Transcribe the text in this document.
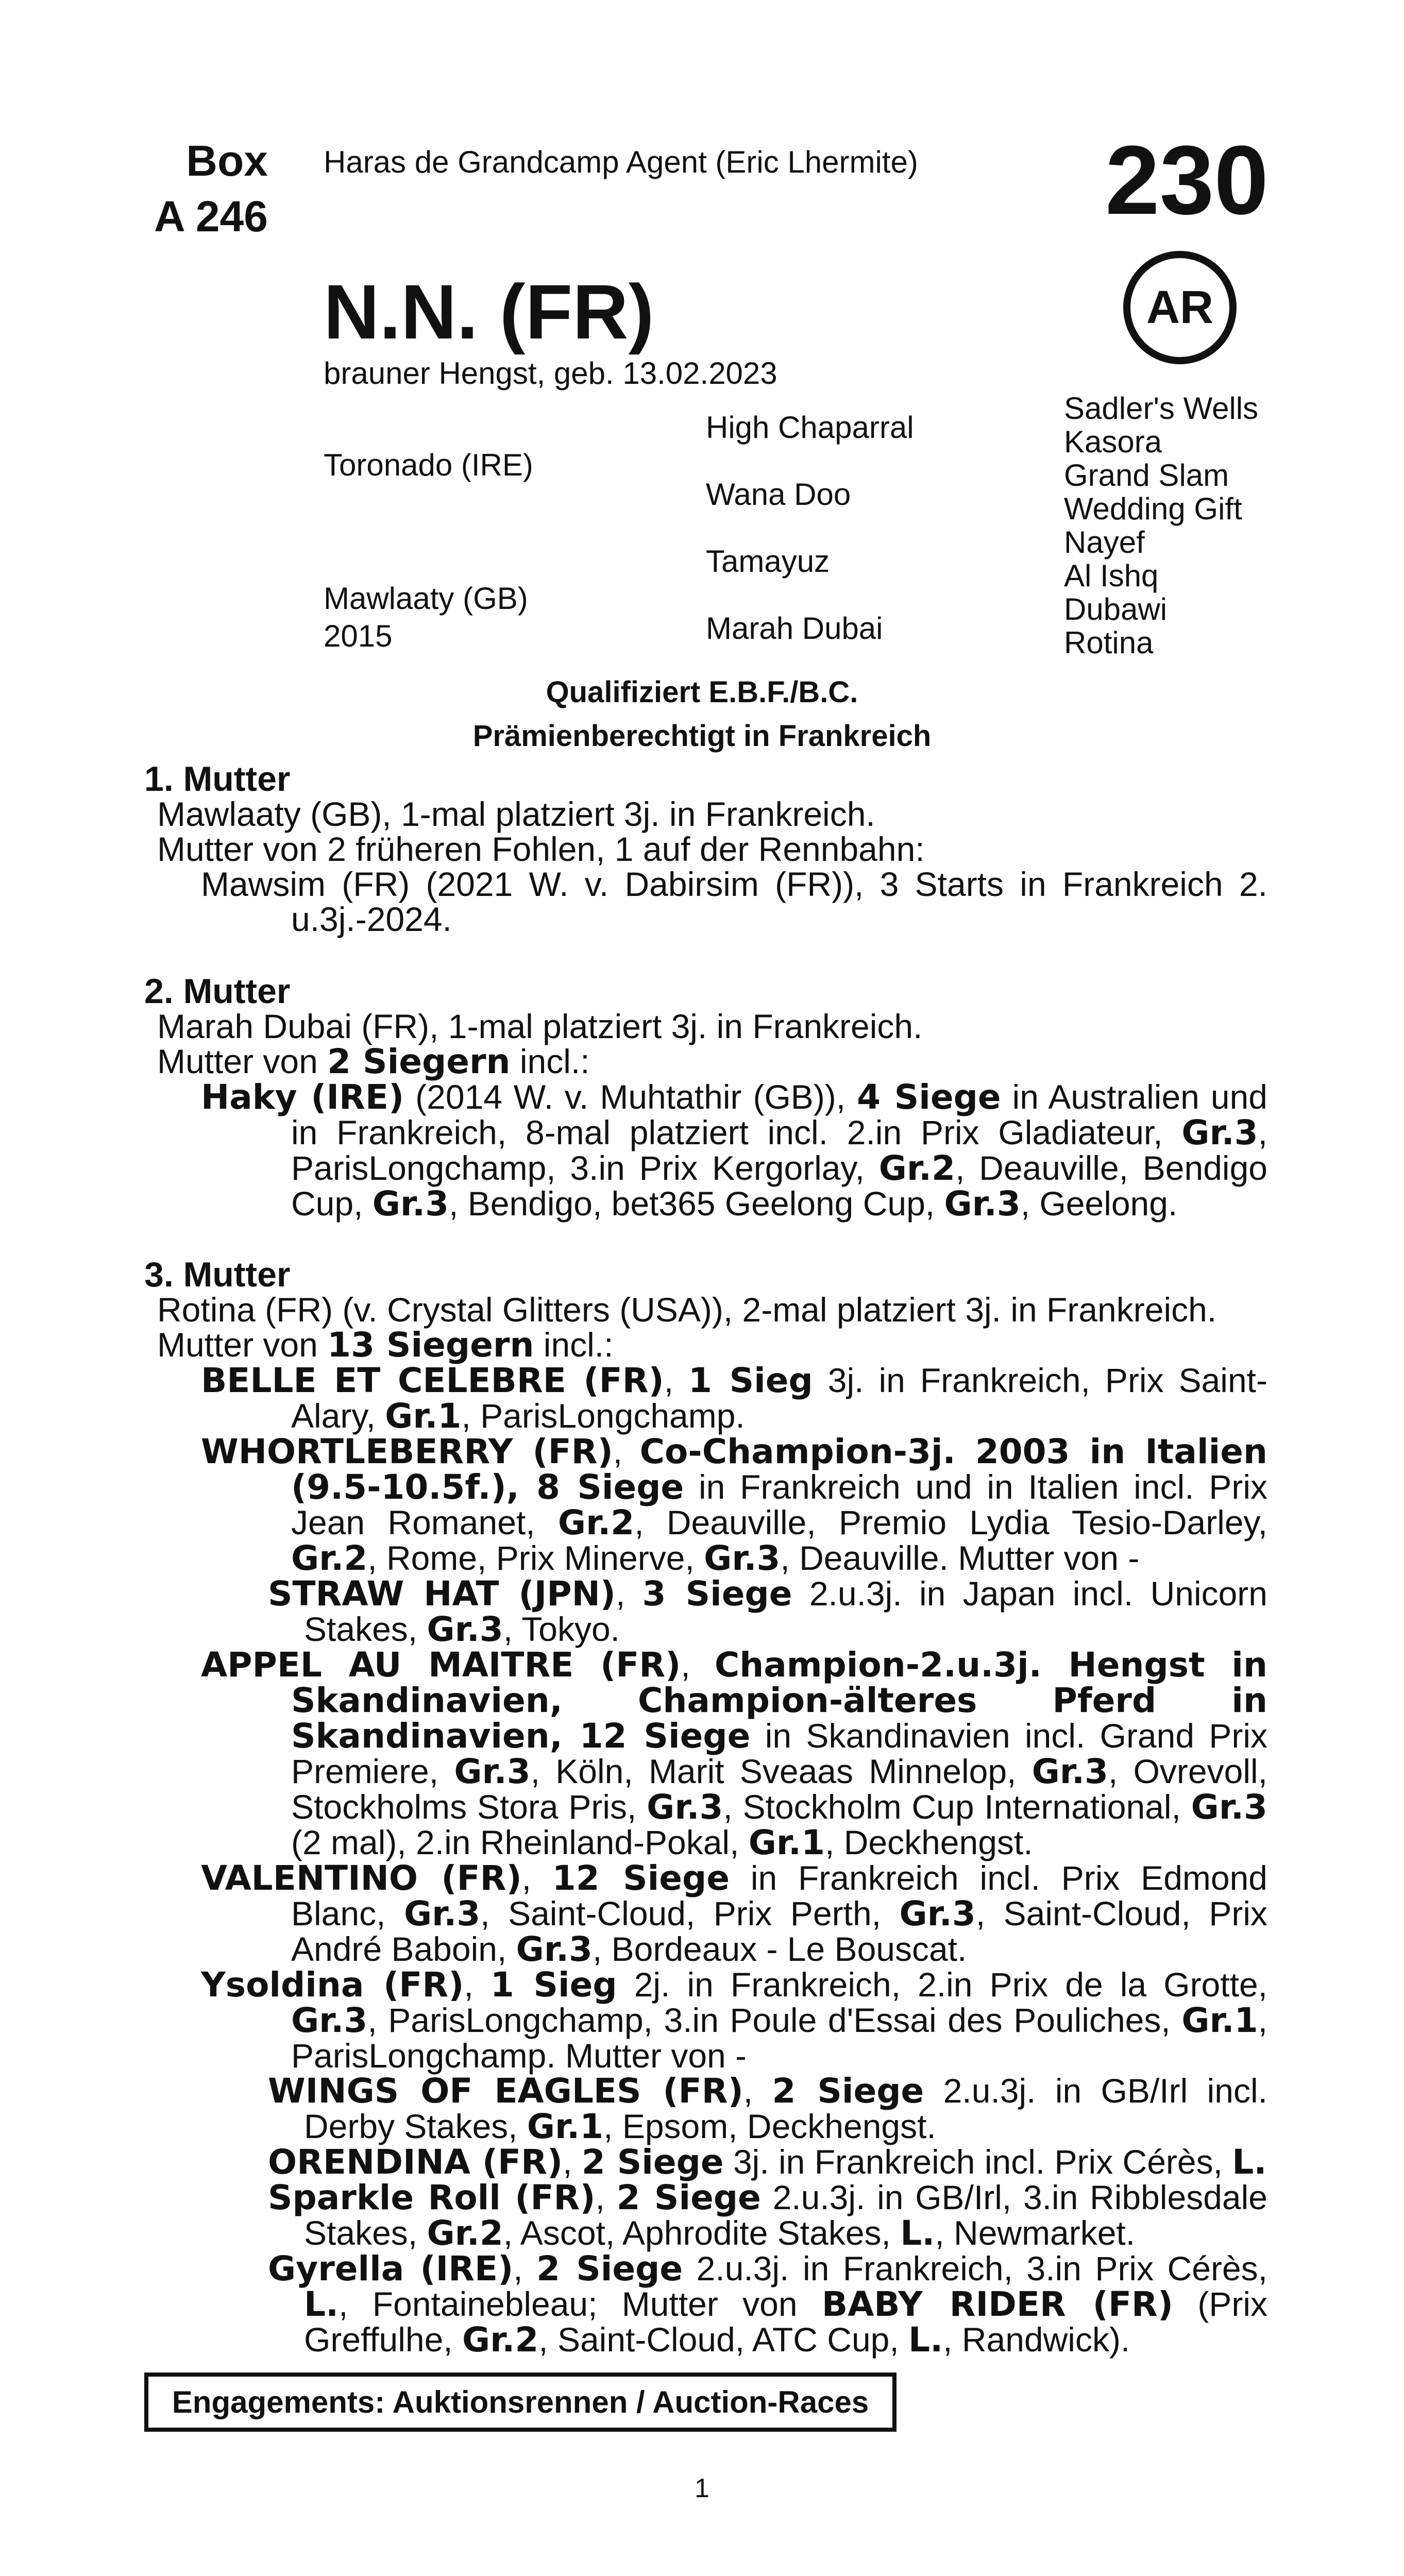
Box
A 246
Haras de Grandcamp Agent (Eric Lhermite) 230
AR
N.N. (FR)
brauner Hengst, geb. 13.02.2023
Toronado (IRE)
Mawlaaty (GB)
2015
High Chaparral
Wana Doo
Tamayuz
Marah Dubai
Sadler's Wells
Kasora
Grand Slam
Wedding Gift
Nayef
Al Ishq
Dubawi
Rotina
Qualifiziert E.B.F./B.C.
Prämienberechtigt in Frankreich
1. Mutter
Mawlaaty (GB), 1-mal platziert 3j. in Frankreich.
Mutter von 2 früheren Fohlen, 1 auf der Rennbahn:
Mawsim (FR) (2021 W. v. Dabirsim (FR)), 3 Starts in Frankreich 2. u.3j.-2024.
2. Mutter
Marah Dubai (FR), 1-mal platziert 3j. in Frankreich.
Mutter von 2 Siegern incl.:
Haky (IRE) (2014 W. v. Muhtathir (GB)), 4 Siege in Australien und in Frankreich, 8-mal platziert incl. 2.in Prix Gladiateur, Gr.3, ParisLongchamp, 3.in Prix Kergorlay, Gr.2, Deauville, Bendigo Cup, Gr.3, Bendigo, bet365 Geelong Cup, Gr.3, Geelong.
3. Mutter
Rotina (FR) (v. Crystal Glitters (USA)), 2-mal platziert 3j. in Frankreich.
Mutter von 13 Siegern incl.:
BELLE ET CELEBRE (FR), 1 Sieg 3j. in Frankreich, Prix Saint-Alary, Gr.1, ParisLongchamp.
WHORTLEBERRY (FR), Co-Champion-3j. 2003 in Italien (9.5-10.5f.), 8 Siege in Frankreich und in Italien incl. Prix Jean Romanet, Gr.2, Deauville, Premio Lydia Tesio-Darley, Gr.2, Rome, Prix Minerve, Gr.3, Deauville. Mutter von -
STRAW HAT (JPN), 3 Siege 2.u.3j. in Japan incl. Unicorn Stakes, Gr.3, Tokyo.
APPEL AU MAITRE (FR), Champion-2.u.3j. Hengst in Skandinavien, Champion-älteres Pferd in Skandinavien, 12 Siege in Skandinavien incl. Grand Prix Premiere, Gr.3, Köln, Marit Sveaas Minnelop, Gr.3, Ovrevoll, Stockholms Stora Pris, Gr.3, Stockholm Cup International, Gr.3 (2 mal), 2.in Rheinland-Pokal, Gr.1, Deckhengst.
VALENTINO (FR), 12 Siege in Frankreich incl. Prix Edmond Blanc, Gr.3, Saint-Cloud, Prix Perth, Gr.3, Saint-Cloud, Prix André Baboin, Gr.3, Bordeaux - Le Bouscat.
Ysoldina (FR), 1 Sieg 2j. in Frankreich, 2.in Prix de la Grotte, Gr.3, ParisLongchamp, 3.in Poule d'Essai des Pouliches, Gr.1, ParisLongchamp. Mutter von -
WINGS OF EAGLES (FR), 2 Siege 2.u.3j. in GB/Irl incl. Derby Stakes, Gr.1, Epsom, Deckhengst.
ORENDINA (FR), 2 Siege 3j. in Frankreich incl. Prix Cérès, L.
Sparkle Roll (FR), 2 Siege 2.u.3j. in GB/Irl, 3.in Ribblesdale Stakes, Gr.2, Ascot, Aphrodite Stakes, L., Newmarket.
Gyrella (IRE), 2 Siege 2.u.3j. in Frankreich, 3.in Prix Cérès, L., Fontainebleau; Mutter von BABY RIDER (FR) (Prix Greffulhe, Gr.2, Saint-Cloud, ATC Cup, L., Randwick).
Engagements: Auktionsrennen / Auction-Races
1
